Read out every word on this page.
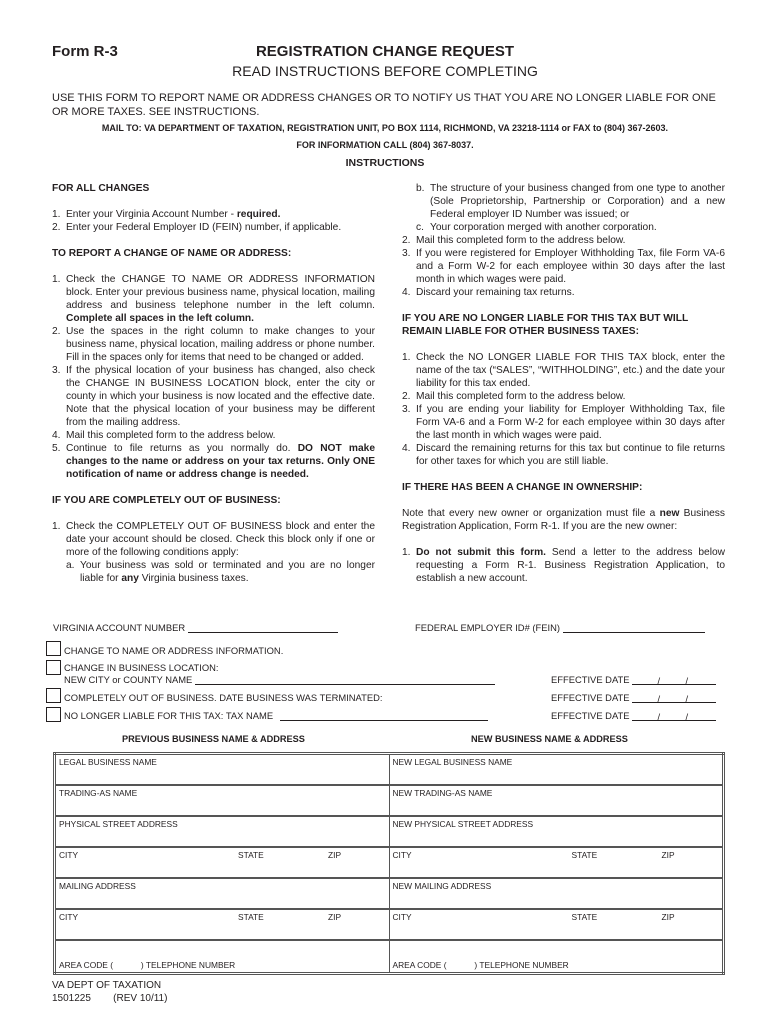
Form R-3	REGISTRATION CHANGE REQUEST
READ INSTRUCTIONS BEFORE COMPLETING
USE THIS FORM TO REPORT NAME OR ADDRESS CHANGES OR TO NOTIFY US THAT YOU ARE NO LONGER LIABLE FOR ONE OR MORE TAXES. SEE INSTRUCTIONS.
MAIL TO: VA DEPARTMENT OF TAXATION, REGISTRATION UNIT, PO BOX 1114, RICHMOND, VA 23218-1114 or FAX to (804) 367-2603.
FOR INFORMATION CALL (804) 367-8037.
INSTRUCTIONS
FOR ALL CHANGES
1. Enter your Virginia Account Number - required.
2. Enter your Federal Employer ID (FEIN) number, if applicable.
TO REPORT A CHANGE OF NAME OR ADDRESS:
1. Check the CHANGE TO NAME OR ADDRESS INFORMATION block. Enter your previous business name, physical location, mailing address and business telephone number in the left column. Complete all spaces in the left column.
2. Use the spaces in the right column to make changes to your business name, physical location, mailing address or phone number. Fill in the spaces only for items that need to be changed or added.
3. If the physical location of your business has changed, also check the CHANGE IN BUSINESS LOCATION block, enter the city or county in which your business is now located and the effective date. Note that the physical location of your business may be different from the mailing address.
4. Mail this completed form to the address below.
5. Continue to file returns as you normally do. DO NOT make changes to the name or address on your tax returns. Only ONE notification of name or address change is needed.
IF YOU ARE COMPLETELY OUT OF BUSINESS:
1. Check the COMPLETELY OUT OF BUSINESS block and enter the date your account should be closed. Check this block only if one or more of the following conditions apply:
a. Your business was sold or terminated and you are no longer liable for any Virginia business taxes.
b. The structure of your business changed from one type to another (Sole Proprietorship, Partnership or Corporation) and a new Federal employer ID Number was issued; or
c. Your corporation merged with another corporation.
2. Mail this completed form to the address below.
3. If you were registered for Employer Withholding Tax, file Form VA-6 and a Form W-2 for each employee within 30 days after the last month in which wages were paid.
4. Discard your remaining tax returns.
IF YOU ARE NO LONGER LIABLE FOR THIS TAX BUT WILL REMAIN LIABLE FOR OTHER BUSINESS TAXES:
1. Check the NO LONGER LIABLE FOR THIS TAX block, enter the name of the tax (“SALES”, “WITHHOLDING”, etc.) and the date your liability for this tax ended.
2. Mail this completed form to the address below.
3. If you are ending your liability for Employer Withholding Tax, file Form VA-6 and a Form W-2 for each employee within 30 days after the last month in which wages were paid.
4. Discard the remaining returns for this tax but continue to file returns for other taxes for which you are still liable.
IF THERE HAS BEEN A CHANGE IN OWNERSHIP:
Note that every new owner or organization must file a new Business Registration Application, Form R-1. If you are the new owner:
1. Do not submit this form. Send a letter to the address below requesting a Form R-1. Business Registration Application, to establish a new account.
VIRGINIA ACCOUNT NUMBER	FEDERAL EMPLOYER ID# (FEIN)
CHANGE TO NAME OR ADDRESS INFORMATION.
CHANGE IN BUSINESS LOCATION:
NEW CITY or COUNTY NAME	EFFECTIVE DATE	/	/
COMPLETELY OUT OF BUSINESS. DATE BUSINESS WAS TERMINATED:	EFFECTIVE DATE	/	/
NO LONGER LIABLE FOR THIS TAX: TAX NAME	EFFECTIVE DATE	/	/
PREVIOUS BUSINESS NAME & ADDRESS	NEW BUSINESS NAME & ADDRESS
LEGAL BUSINESS NAME	NEW LEGAL BUSINESS NAME
TRADING-AS NAME	NEW TRADING-AS NAME
PHYSICAL STREET ADDRESS	NEW PHYSICAL STREET ADDRESS
CITY STATE ZIP	CITY STATE ZIP

MAILING ADDRESS	NEW MAILING ADDRESS
CITY STATE ZIP	CITY STATE ZIP

AREA CODE (            ) TELEPHONE NUMBER	AREA CODE (            ) TELEPHONE NUMBER
VA DEPT OF TAXATION
1501225        (REV 10/11)
